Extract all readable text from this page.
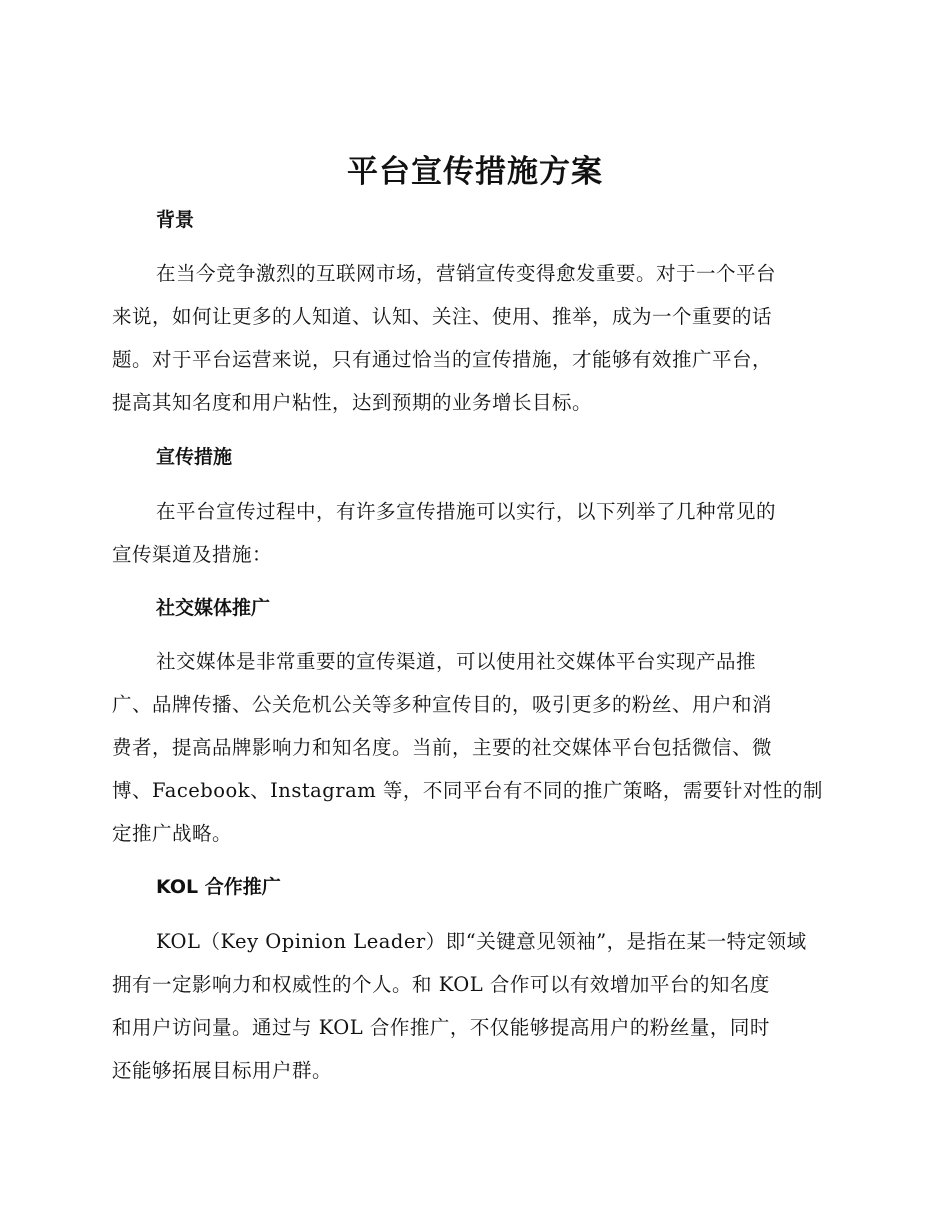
平台宣传措施方案
背景
在当今竞争激烈的互联网市场，营销宣传变得愈发重要。对于一个平台
来说，如何让更多的人知道、认知、关注、使用、推举，成为一个重要的话
题。对于平台运营来说，只有通过恰当的宣传措施，才能够有效推广平台，
提高其知名度和用户粘性，达到预期的业务增长目标。
宣传措施
在平台宣传过程中，有许多宣传措施可以实行，以下列举了几种常见的
宣传渠道及措施：
社交媒体推广
社交媒体是非常重要的宣传渠道，可以使用社交媒体平台实现产品推
广、品牌传播、公关危机公关等多种宣传目的，吸引更多的粉丝、用户和消
费者，提高品牌影响力和知名度。当前，主要的社交媒体平台包括微信、微
博、Facebook、Instagram 等，不同平台有不同的推广策略，需要针对性的制
定推广战略。
KOL 合作推广
KOL（Key Opinion Leader）即“关键意见领袖”，是指在某一特定领域
拥有一定影响力和权威性的个人。和 KOL 合作可以有效增加平台的知名度
和用户访问量。通过与 KOL 合作推广，不仅能够提高用户的粉丝量，同时
还能够拓展目标用户群。
